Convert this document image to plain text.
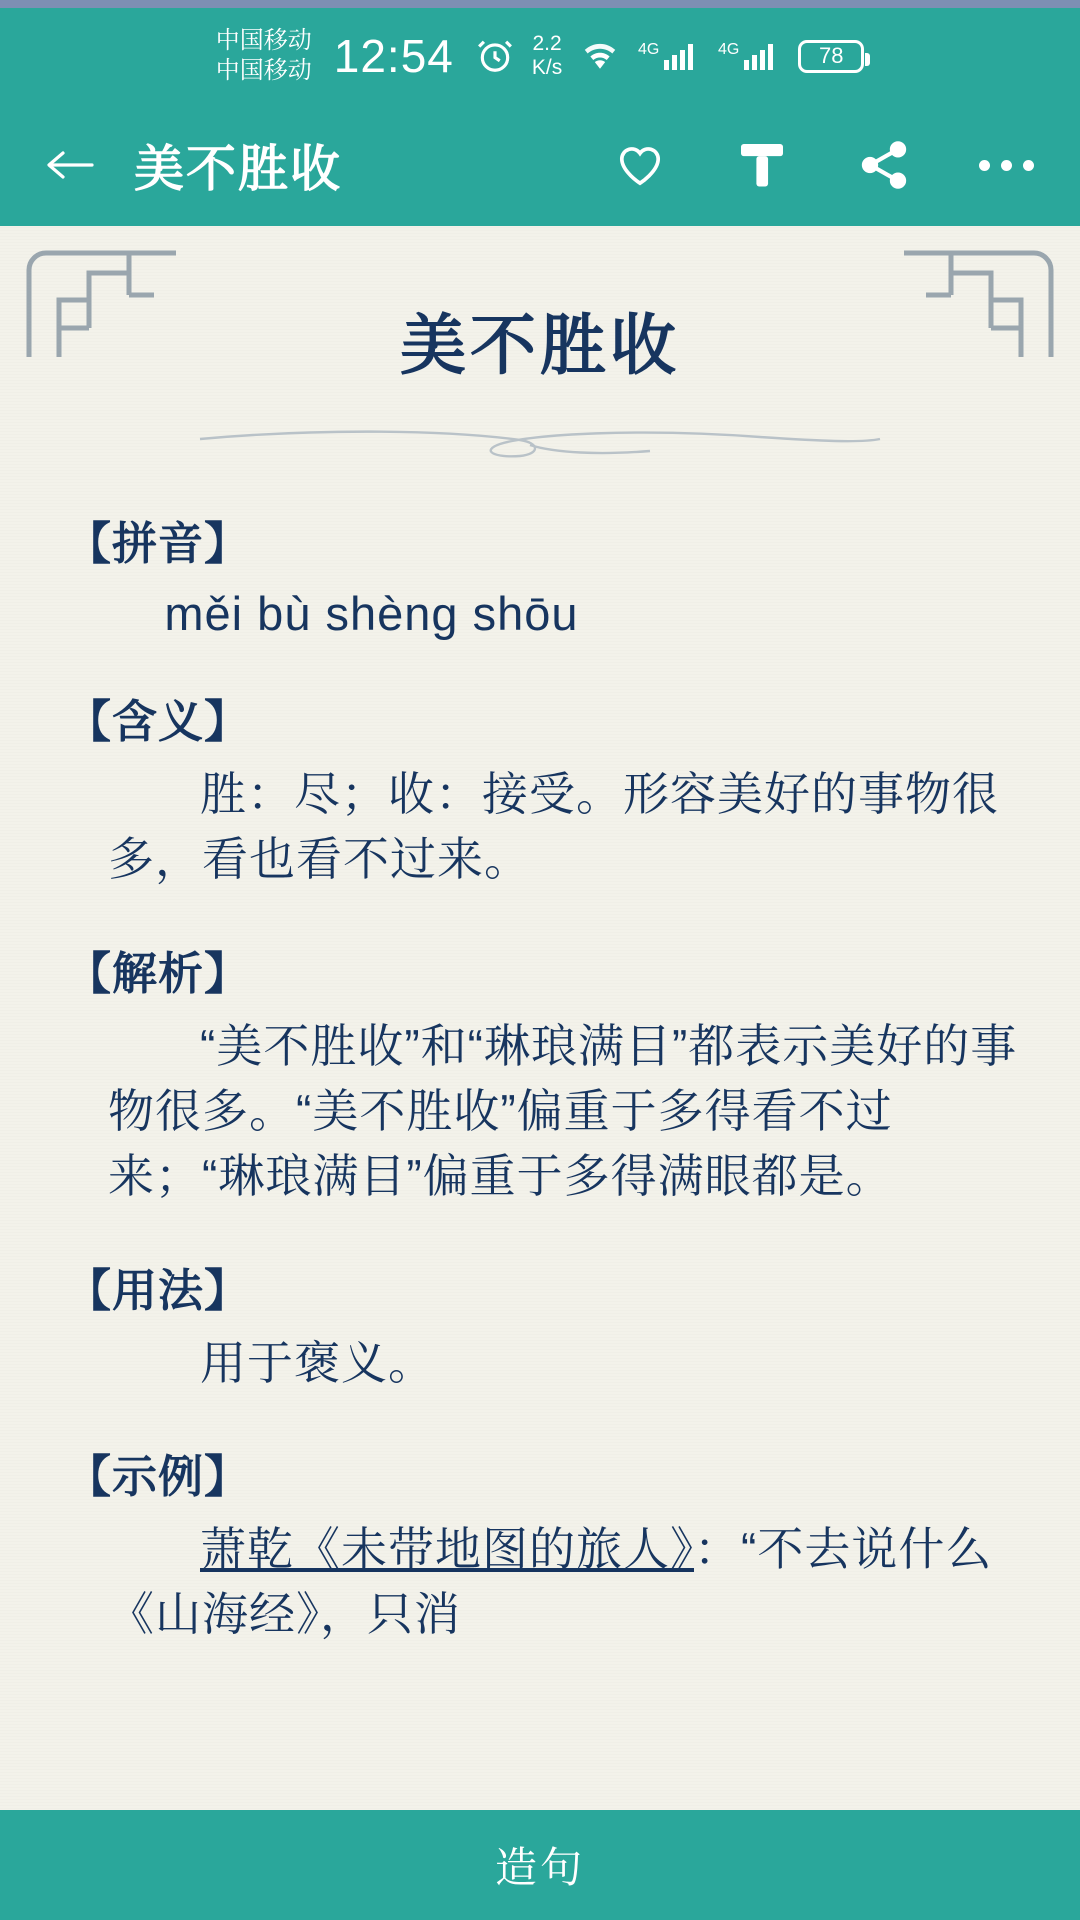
中国移动
中国移动 12:54	2.2
K/s
4G	4G	78
美不胜收
美不胜收
【拼音】
měi bù shèng shōu
【含义】
胜：尽；收：接受。形容美好的事物很多，看也看不过来。
【解析】
“美不胜收”和“琳琅满目”都表示美好的事物很多。“美不胜收”偏重于多得看不过来；“琳琅满目”偏重于多得满眼都是。
【用法】
用于褒义。
【示例】
萧乾《未带地图的旅人》：“不去说什么《山海经》，只消
造句
